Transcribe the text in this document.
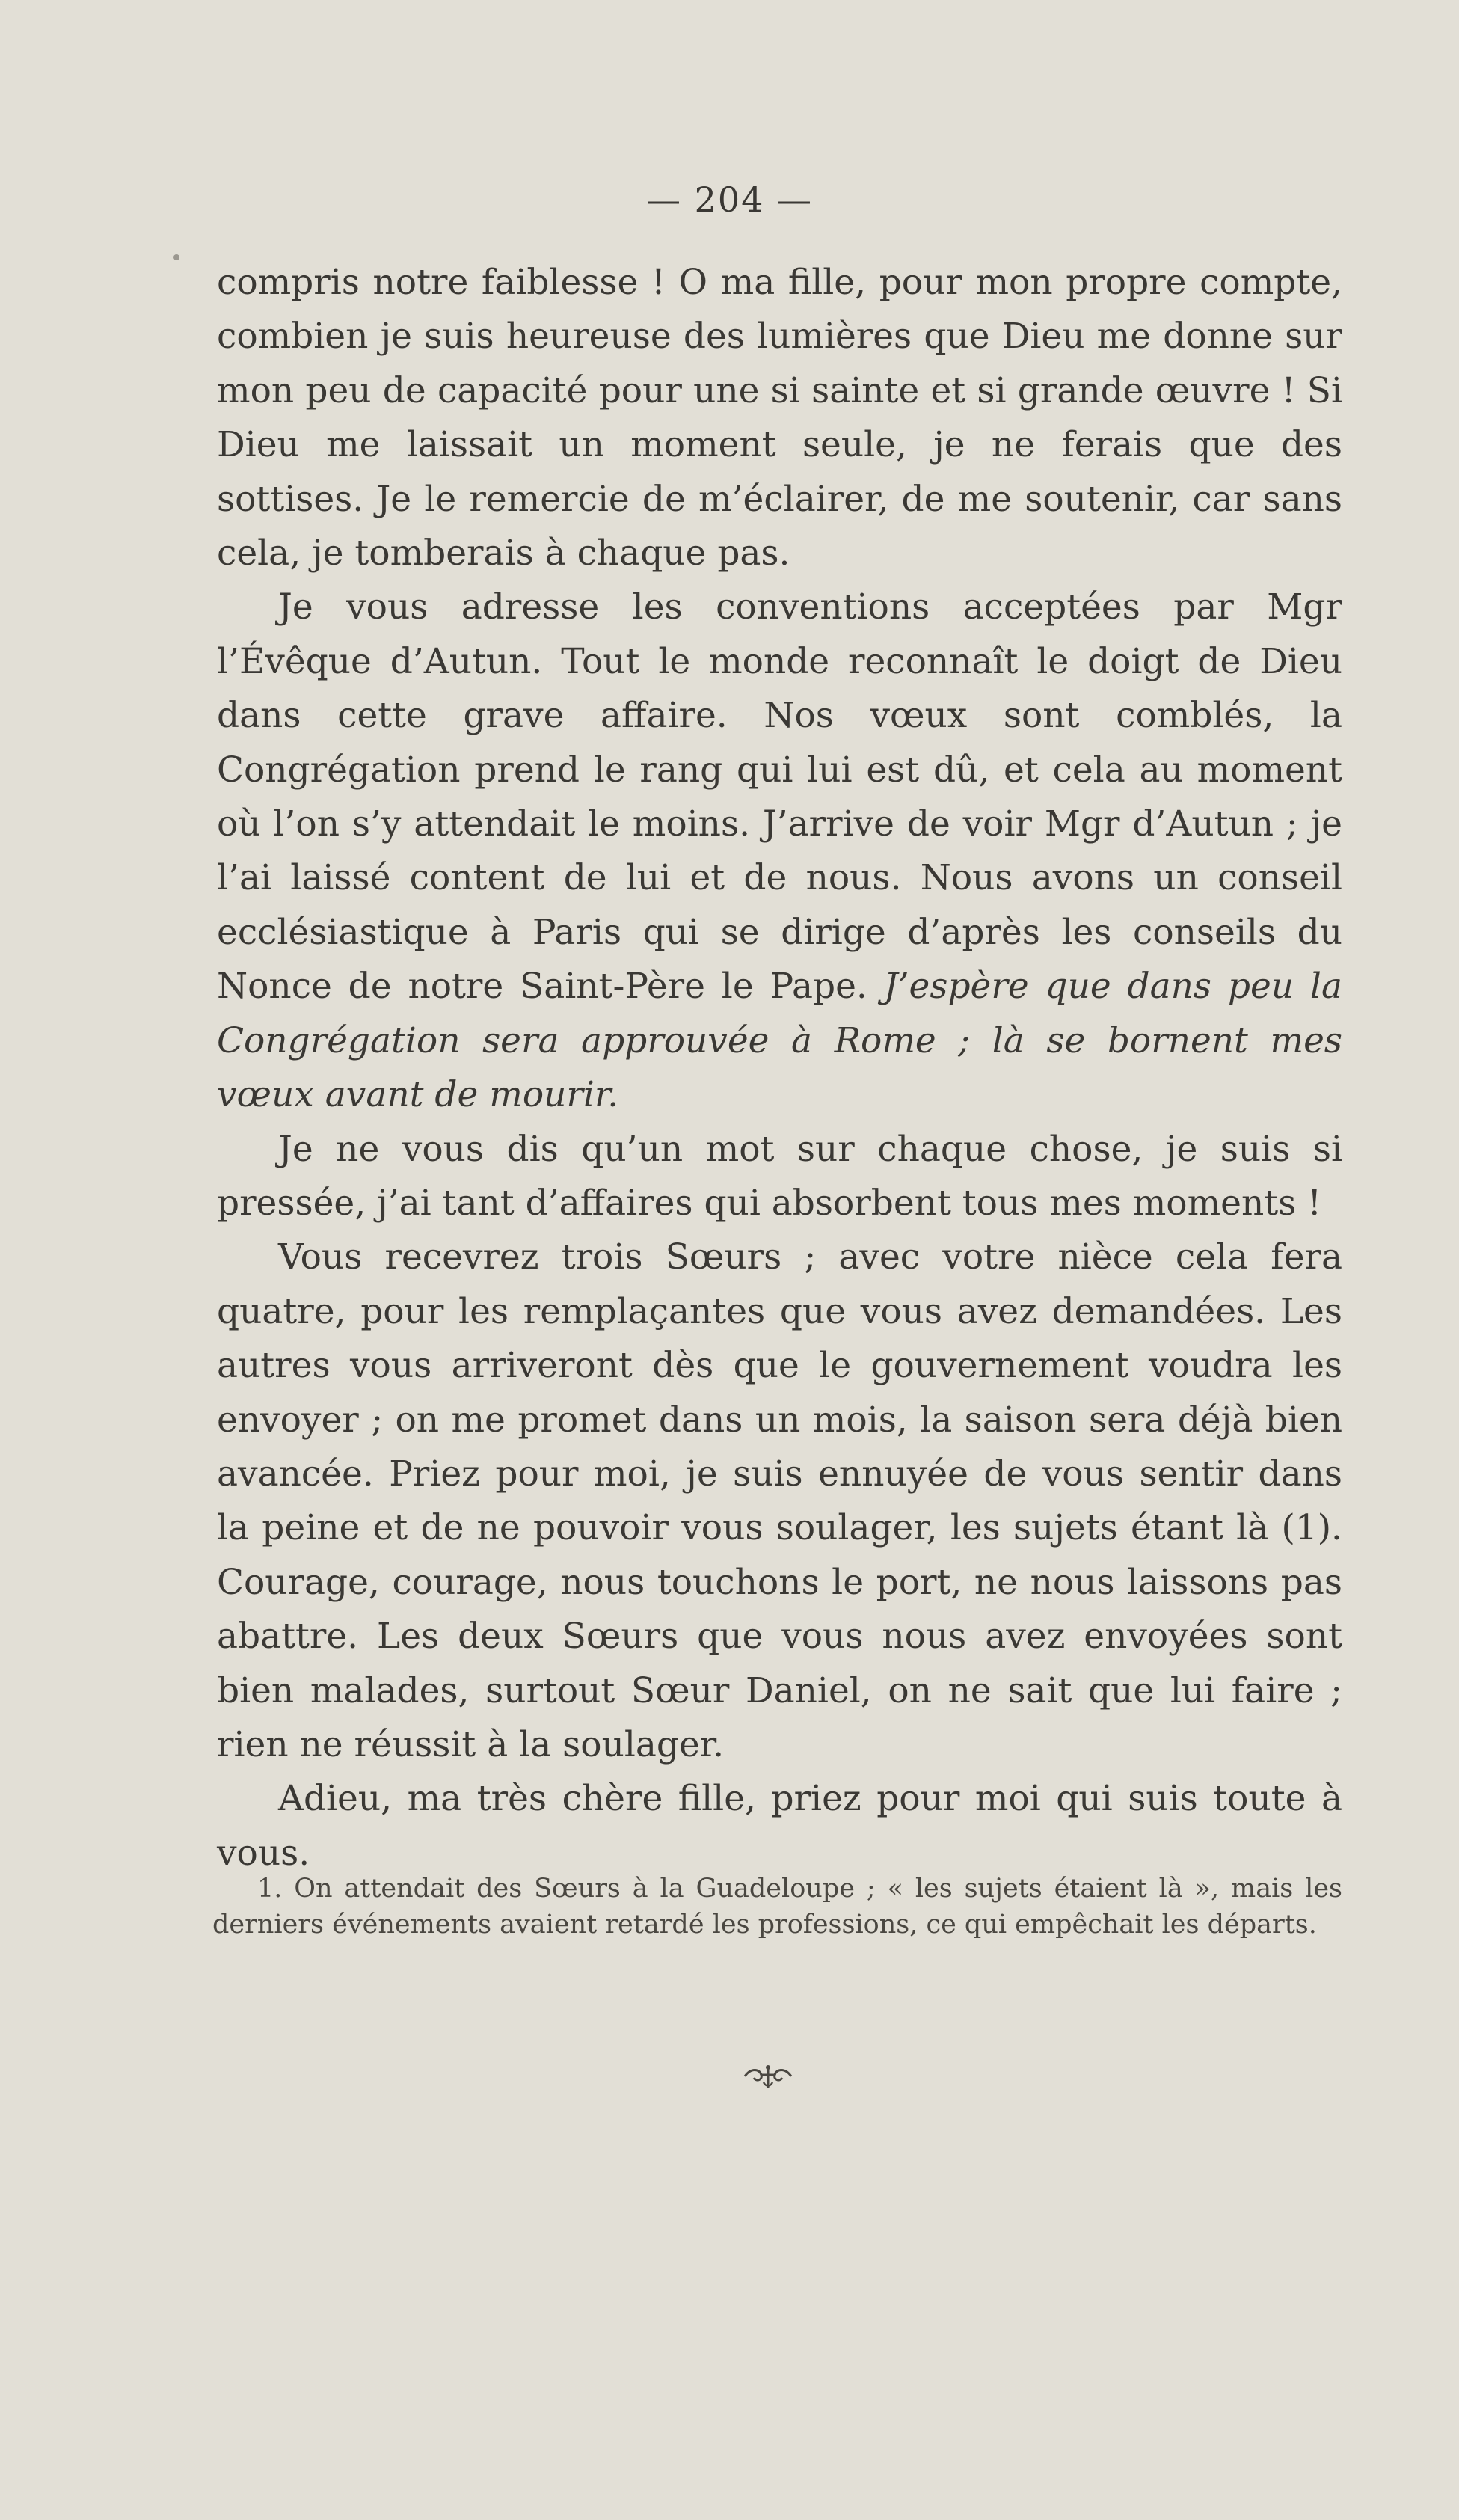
— 204 —

compris notre faiblesse ! O ma fille, pour mon propre compte, combien je suis heureuse des lumières que Dieu me donne sur mon peu de capacité pour une si sainte et si grande œuvre ! Si Dieu me laissait un moment seule, je ne ferais que des sottises. Je le remercie de m’éclairer, de me soutenir, car sans cela, je tomberais à chaque pas.

Je vous adresse les conventions acceptées par Mgr l’Évêque d’Autun. Tout le monde reconnaît le doigt de Dieu dans cette grave affaire. Nos vœux sont comblés, la Congrégation prend le rang qui lui est dû, et cela au moment où l’on s’y attendait le moins. J’arrive de voir Mgr d’Autun ; je l’ai laissé content de lui et de nous. Nous avons un conseil ecclésiastique à Paris qui se dirige d’après les conseils du Nonce de notre Saint-Père le Pape. J’espère que dans peu la Congrégation sera approuvée à Rome ; là se bornent mes vœux avant de mourir.

Je ne vous dis qu’un mot sur chaque chose, je suis si pressée, j’ai tant d’affaires qui absorbent tous mes moments !

Vous recevrez trois Sœurs ; avec votre nièce cela fera quatre, pour les remplaçantes que vous avez demandées. Les autres vous arriveront dès que le gouvernement voudra les envoyer ; on me promet dans un mois, la saison sera déjà bien avancée. Priez pour moi, je suis ennuyée de vous sentir dans la peine et de ne pouvoir vous soulager, les sujets étant là (1). Courage, courage, nous touchons le port, ne nous laissons pas abattre. Les deux Sœurs que vous nous avez envoyées sont bien malades, surtout Sœur Daniel, on ne sait que lui faire ; rien ne réussit à la soulager.

Adieu, ma très chère fille, priez pour moi qui suis toute à vous.

1. On attendait des Sœurs à la Guadeloupe ; « les sujets étaient là », mais les derniers événements avaient retardé les professions, ce qui empêchait les départs.
